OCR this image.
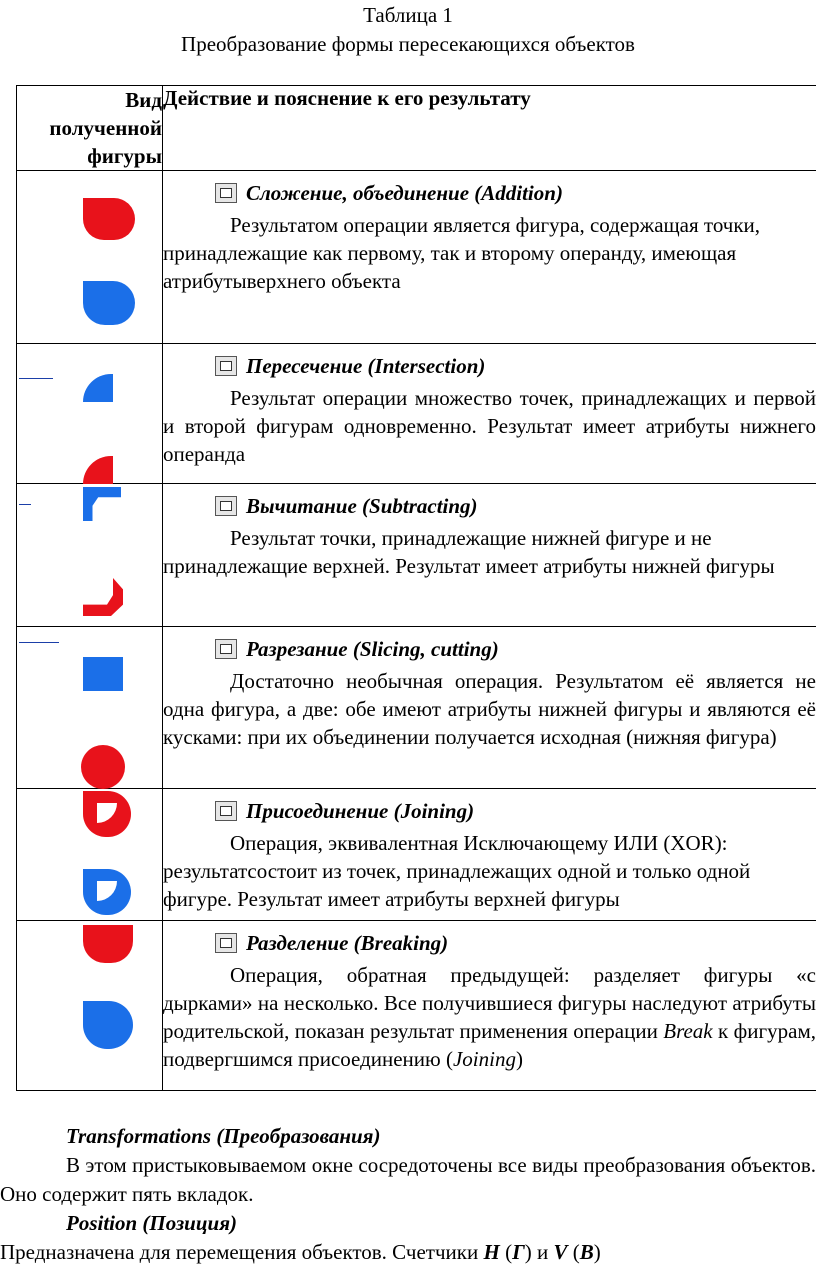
Таблица 1
Преобразование формы пересекающихся объектов
Вид
полученной
фигуры	Действие и пояснение к его результату

	Сложение, объединение (Addition)
Результатом операции является фигура, содержащая точки, принадлежащие как первому, так и второму операнду, имеющая атрибутыверхнего объекта

	Пересечение (Intersection)
Результат операции множество точек, принадлежащих и первой и второй фигурам одновременно. Результат имеет атрибуты нижнего операнда

	Вычитание (Subtracting)
Результат точки, принадлежащие нижней фигуре и не принадлежащие верхней. Результат имеет атрибуты нижней фигуры

	Разрезание (Slicing, cutting)
Достаточно необычная операция. Результатом её является не одна фигура, а две: обе имеют атрибуты нижней фигуры и являются её кусками: при их объединении получается исходная (нижняя фигура)

	Присоединение (Joining)
Операция, эквивалентная Исключающему ИЛИ (XOR): результатсостоит из точек, принадлежащих одной и только одной фигуре. Результат имеет атрибуты верхней фигуры

	Разделение (Breaking)
Операция, обратная предыдущей: разделяет фигуры «с дырками» на несколько. Все получившиеся фигуры наследуют атрибуты родительской, показан результат применения операции Break к фигурам, подвергшимся присоединению (Joining)
Transformations (Преобразования)
В этом пристыковываемом окне сосредоточены все виды преобразования объектов. Оно содержит пять вкладок.
Position (Позиция)
Предназначена для перемещения объектов. Счетчики H (Г) и V (В)
